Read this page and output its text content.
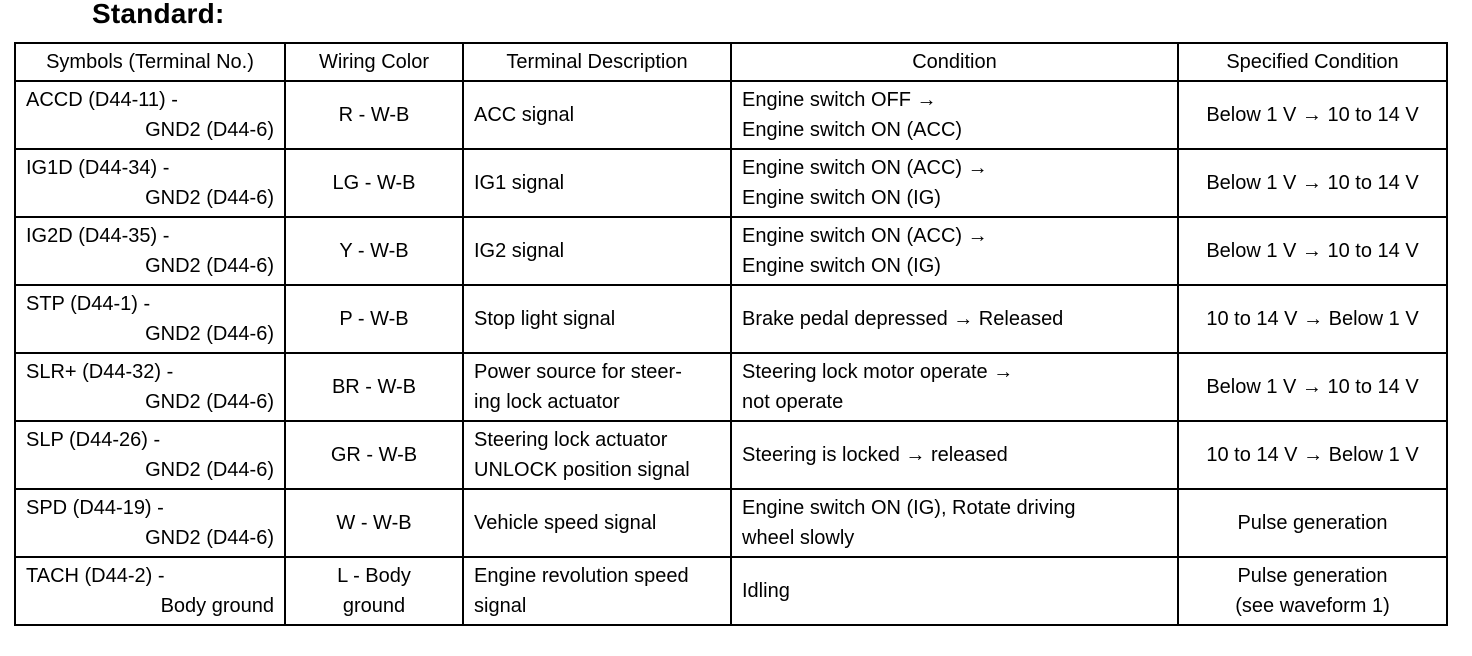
Standard:
Symbols (Terminal No.)	Wiring Color	Terminal Description	Condition	Specified Condition

ACCD (D44-11) -
GND2 (D44-6)	R - W-B	ACC signal	Engine switch OFF →
Engine switch ON (ACC)	Below 1 V → 10 to 14 V

IG1D (D44-34) -
GND2 (D44-6)	LG - W-B	IG1 signal	Engine switch ON (ACC) →
Engine switch ON (IG)	Below 1 V → 10 to 14 V

IG2D (D44-35) -
GND2 (D44-6)	Y - W-B	IG2 signal	Engine switch ON (ACC) →
Engine switch ON (IG)	Below 1 V → 10 to 14 V

STP (D44-1) -
GND2 (D44-6)	P - W-B	Stop light signal	Brake pedal depressed → Released	10 to 14 V → Below 1 V

SLR+ (D44-32) -
GND2 (D44-6)	BR - W-B	Power source for steer-
ing lock actuator	Steering lock motor operate →
not operate	Below 1 V → 10 to 14 V

SLP (D44-26) -
GND2 (D44-6)	GR - W-B	Steering lock actuator
UNLOCK position signal	Steering is locked → released	10 to 14 V → Below 1 V

SPD (D44-19) -
GND2 (D44-6)	W - W-B	Vehicle speed signal	Engine switch ON (IG), Rotate driving
wheel slowly	Pulse generation

TACH (D44-2) -
Body ground	L - Body
ground	Engine revolution speed
signal	Idling	Pulse generation
(see waveform 1)
